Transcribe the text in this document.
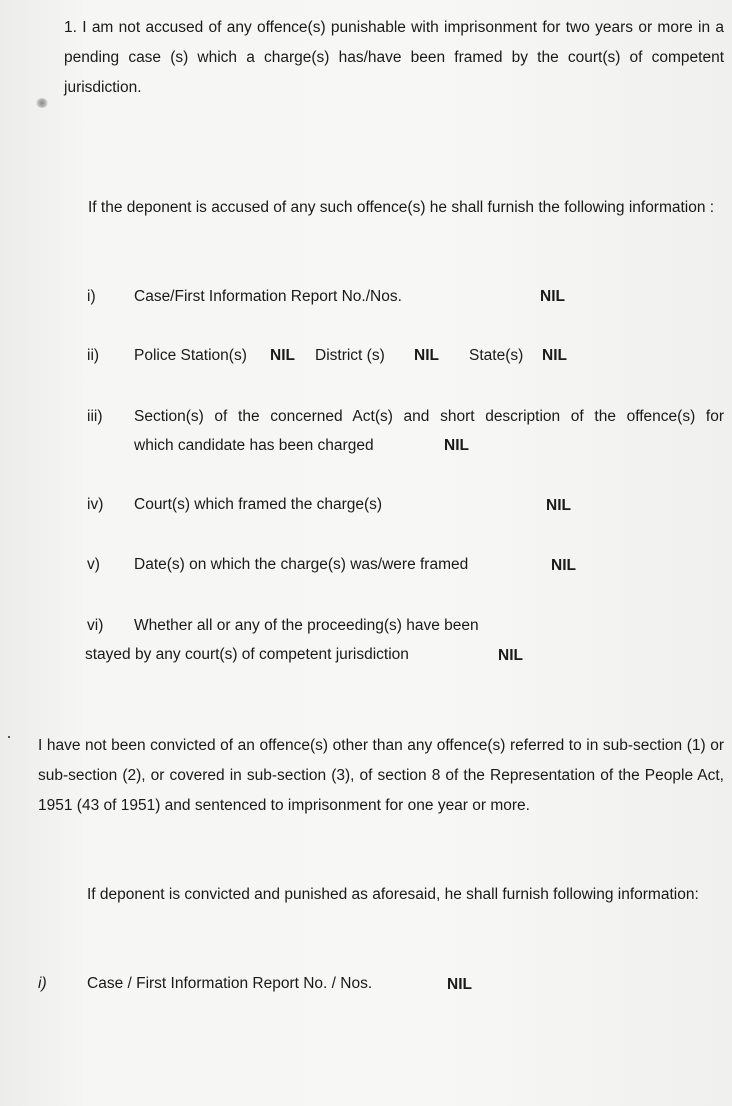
1. I am not accused of any offence(s) punishable with imprisonment for two years or more in a pending case (s) which a charge(s) has/have been framed by the court(s) of competent jurisdiction.
If the deponent is accused of any such offence(s) he shall furnish the following information :
i) Case/First Information Report No./Nos.	NIL
ii) Police Station(s) NIL District (s) NIL State(s) NIL
iii) Section(s) of the concerned Act(s) and short description of the offence(s) for
which candidate has been charged	NIL
iv) Court(s) which framed the charge(s)	NIL
v) Date(s) on which the charge(s) was/were framed	NIL
vi) Whether all or any of the proceeding(s) have been
stayed by any court(s) of competent jurisdiction	NIL
I have not been convicted of an offence(s) other than any offence(s) referred to in sub-section (1) or sub-section (2), or covered in sub-section (3), of section 8 of the Representation of the People Act, 1951 (43 of 1951) and sentenced to imprisonment for one year or more.
If deponent is convicted and punished as aforesaid, he shall furnish following information:
i)	Case / First Information Report No. / Nos.	NIL
